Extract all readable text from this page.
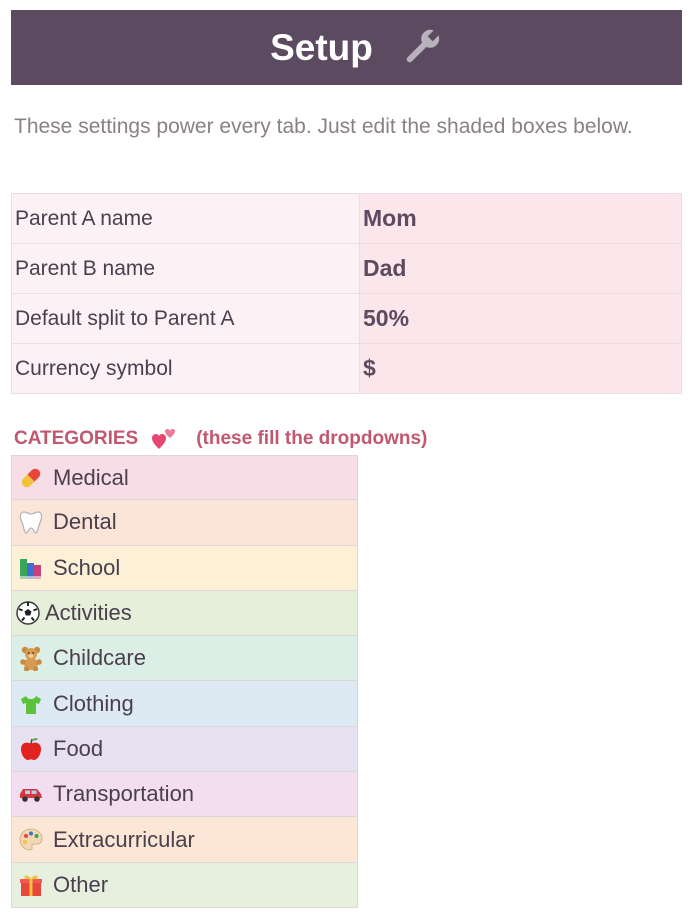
Setup
These settings power every tab. Just edit the shaded boxes below.
Parent A name	Mom
Parent B name	Dad
Default split to Parent A	50%
Currency symbol	$
CATEGORIES	(these fill the dropdowns)
Medical
Dental
School
Activities
Childcare
Clothing
Food
Transportation
Extracurricular
Other
